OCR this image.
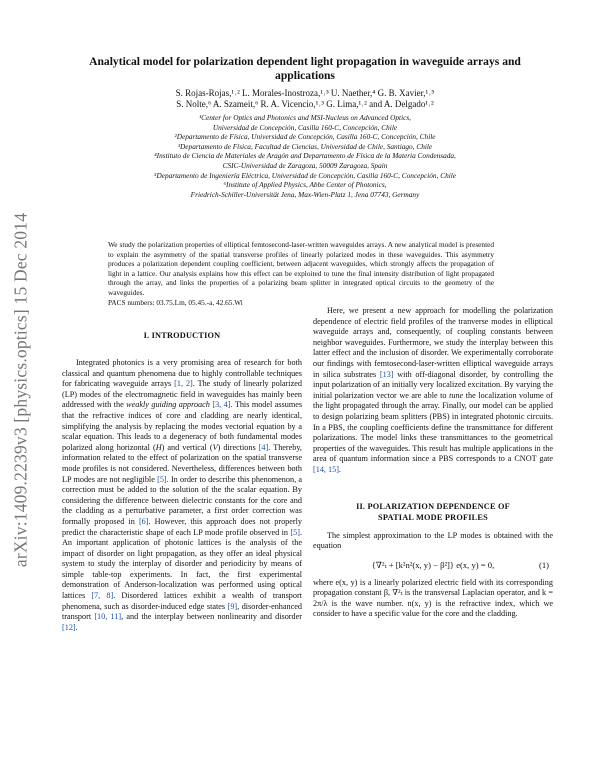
arXiv:1409.2239v3 [physics.optics] 15 Dec 2014
Analytical model for polarization dependent light propagation in waveguide arrays and applications
S. Rojas-Rojas,¹˒² L. Morales-Inostroza,¹˒³ U. Naether,⁴ G. B. Xavier,¹˒⁵
S. Nolte,⁶ A. Szameit,⁶ R. A. Vicencio,¹˒³ G. Lima,¹˒² and A. Delgado¹˒²
¹Center for Optics and Photonics and MSI-Nucleus on Advanced Optics,
Universidad de Concepción, Casilla 160-C, Concepción, Chile
²Departamento de Física, Universidad de Concepción, Casilla 160-C, Concepción, Chile
³Departamento de Física, Facultad de Ciencias, Universidad de Chile, Santiago, Chile
⁴Instituto de Ciencia de Materiales de Aragón and Departamento de Física de la Materia Condensada,
CSIC-Universidad de Zaragoza, 50009 Zaragoza, Spain
⁵Departamento de Ingeniería Eléctrica, Universidad de Concepción, Casilla 160-C, Concepción, Chile
⁶Institute of Applied Physics, Abbe Center of Photonics,
Friedrich-Schiller-Universität Jena, Max-Wien-Platz 1, Jena 07743, Germany

We study the polarization properties of elliptical femtosecond-laser-written waveguides arrays. A new analytical model is presented to explain the asymmetry of the spatial transverse profiles of linearly polarized modes in these waveguides. This asymmetry produces a polarization dependent coupling coefficient, between adjacent waveguides, which strongly affects the propagation of light in a lattice. Our analysis explains how this effect can be exploited to tune the final intensity distribution of light propagated through the array, and links the properties of a polarizing beam splitter in integrated optical circuits to the geometry of the waveguides.

PACS numbers: 03.75.Lm, 05.45.-a, 42.65.Wi

I. INTRODUCTION

Integrated photonics is a very promising area of research for both classical and quantum phenomena due to highly controllable techniques for fabricating waveguide arrays [1, 2]. The study of linearly polarized (LP) modes of the electromagnetic field in waveguides has mainly been addressed with the weakly guiding approach [3, 4]. This model assumes that the refractive indices of core and cladding are nearly identical, simplifying the analysis by replacing the modes vectorial equation by a scalar equation. This leads to a degeneracy of both fundamental modes polarized along horizontal (H) and vertical (V) directions [4]. Thereby, information related to the effect of polarization on the spatial transverse mode profiles is not considered. Nevertheless, differences between both LP modes are not negligible [5]. In order to describe this phenomenon, a correction must be added to the solution of the the scalar equation. By considering the difference between dielectric constants for the core and the cladding as a perturbative parameter, a first order correction was formally proposed in [6]. However, this approach does not properly predict the characteristic shape of each LP mode profile observed in [5]. An important application of photonic lattices is the analysis of the impact of disorder on light propagation, as they offer an ideal physical system to study the interplay of disorder and periodicity by means of simple table-top experiments. In fact, the first experimental demonstration of Anderson-localization was performed using optical lattices [7, 8]. Disordered lattices exhibit a wealth of transport phenomena, such as disorder-induced edge states [9], disorder-enhanced transport [10, 11], and the interplay between nonlinearity and disorder [12].

Here, we present a new approach for modelling the polarization dependence of electric field profiles of the tranverse modes in elliptical waveguide arrays and, consequently, of coupling constants between neighbor waveguides. Furthermore, we study the interplay between this latter effect and the inclusion of disorder. We experimentally corroborate our findings with femtosecond-laser-written elliptical waveguide arrays in silica substrates [13] with off-diagonal disorder, by controlling the input polarization of an initially very localized excitation. By varying the initial polarization vector we are able to tune the localization volume of the light propagated through the array. Finally, our model can be applied to design polarizing beam splitters (PBS) in integrated photonic circuits. In a PBS, the coupling coefficients define the transmittance for different polarizations. The model links these transmittances to the geometrical properties of the waveguides. This result has multiple applications in the area of quantum information since a PBS corresponds to a CNOT gate [14, 15].

II. POLARIZATION DEPENDENCE OF
SPATIAL MODE PROFILES

The simplest approximation to the LP modes is obtained with the equation

{∇²ₜ + [k²n²(x, y) − β²]} e(x, y) = 0,	(1)

where e(x, y) is a linearly polarized electric field with its corresponding propagation constant β, ∇²ₜ is the transversal Laplacian operator, and k = 2π/λ is the wave number. n(x, y) is the refractive index, which we consider to have a specific value for the core and the cladding.
